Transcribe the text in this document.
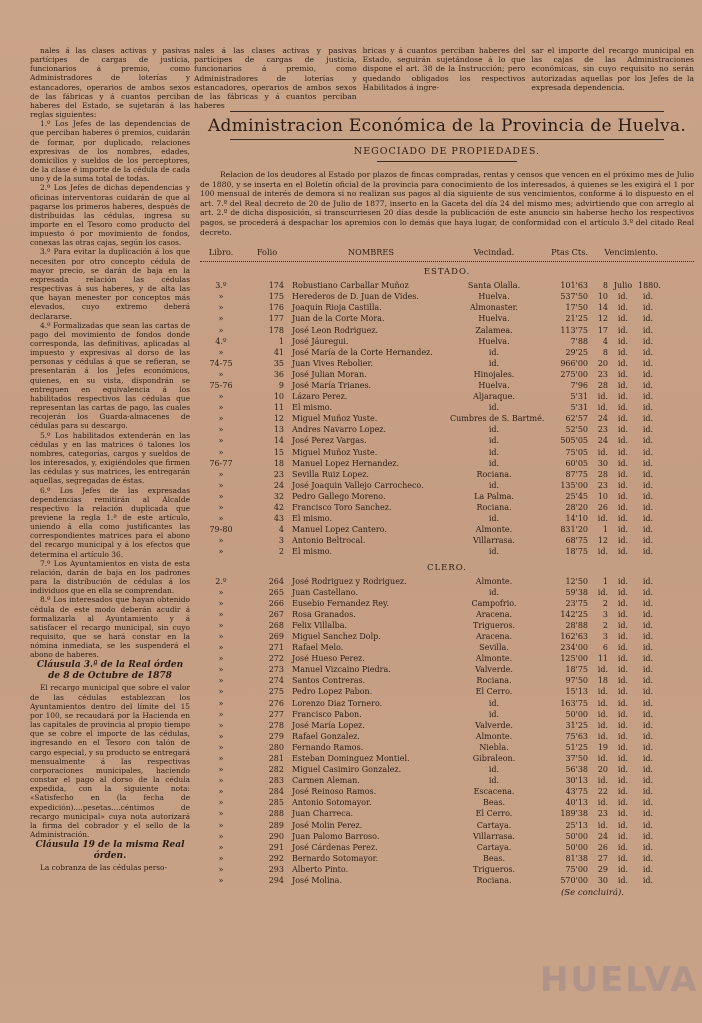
nales á las clases activas y pasivas partícipes de cargas de justicia, funcionarios á premio, como Administradores de loterías y estancadores, operarios de ambos sexos de las fábricas y á cuantos perciban haberes
bricas y á cuantos perciban haberes del Estado, seguirán sujetándose á lo que dispone el art. 38 de la Instrucción; pero quedando obligados los respectivos Habilitados á ingre-
sar el importe del recargo municipal en las cajas de las Administraciones económicas, sin cuyo requisito no serán autorizadas aquellas por los Jefes de la expresada dependencia.

nales á las clases activas y pasivas partícipes de cargas de justicia, funcionarios á premio, como Administradores de loterías y estancadores, operarios de ambos sexos de las fábricas y á cuantos perciban haberes del Estado, se sujetarán á las reglas siguientes:

1.º Los Jefes de las dependencias de que perciban haberes ó premios, cuidarán de formar, por duplicado, relaciones expresivas de los nombres, edades, domicilios y sueldos de los perceptores, de la clase é importe de la cédula de cada uno y de la suma total de todas.

2.º Los Jefes de dichas dependencias y oficinas interventoras cuidarán de que al pagarse los primeros haberes, después de distribuidas las cédulas, ingresa su importe en el Tesoro como producto del impuesto ó por movimiento de fondos, conexas las otras cajas, según los casos.

3.º Para evitar la duplicación á los que necesiten por otro concepto cédula de mayor precio, se darán de baja en la expresada relación las cédulas respectivas á sus haberes, y de alta las que hayan menester por conceptos más elevados, cuyo extremo deberá declararse.

4.º Formalizadas que sean las cartas de pago del movimiento de fondos donde corresponda, las definitivas, aplicadas al impuesto y expresivas al dorso de las personas y cédulas á que se refieran, se presentarán á los Jefes económicos, quienes, en su vista, dispondrán se entreguen en equivalencia á los habilitados respectivos las cédulas que representan las cartas de pago, las cuales recojerán los Guarda-almacenes de cédulas para su descargo.

5.º Los habilitados extenderán en las cédulas y en las matrices ó talones los nombres, categorías, cargos y sueldos de los interesados, y, exigiéndoles que firmen las cédulas y sus matrices, les entregarán aquellas, segregadas de éstas.

6.º Los Jefes de las expresadas dependencias remitirán al Alcalde respectivo la relación duplicada que previene la regla 1.ª de este artículo, uniendo á ella como justificantes las correspondientes matrices para el abono del recargo municipal y á los efectos que determina el artículo 36.

7.º Los Ayuntamientos en vista de esta relación, darán de baja en los padrones para la distribución de cédulas á los individuos que en ella se comprendan.

8.º Los interesados que hayan obtenido cédula de este modo deberán acudir á formalizarla al Ayuntamiento y á satisfacer el recargo municipal, sin cuyo requisito, que se hará constar en la nómina inmediata, se les suspenderá el abono de haberes.

Cláusula 3.ª de la Real órden de 8 de Octubre de 1878

El recargo municipal que sobre el valor de las cédulas establezcan los Ayuntamientos dentro del límite del 15 por 100, se recaudará por la Hacienda en las capitales de provincia al propio tiempo que se cobre el importe de las cédulas, ingresando en el Tesoro con talón de cargo especial, y su producto se entregará mensualmente á las respectivas corporaciones municipales, haciendo constar el pago al dorso de la cédula expedida, con la siguiente nota: «Satisfecho en (la fecha de expedición)....pesetas....céntimos de recargo municipal» cuya nota autorizará la firma del cobrador y el sello de la Administración.

Cláusula 19 de la misma Real órden.

La cobranza de las cédulas perso-

Administracion Económica de la Provincia de Huelva.
NEGOCIADO DE PROPIEDADES.
Relacion de los deudores al Estado por plazos de fincas compradas, rentas y censos que vencen en el próximo mes de Julio de 1880, y se inserta en el Boletín oficial de la provincia para conocimiento de los interesados, á quienes se les exigirá el 1 por 100 mensual de interés de demora si no realizan sus pagos al día siguiente de sus vencimientos, conforme á lo dispuesto en el art. 7.º del Real decreto de 20 de Julio de 1877, inserto en la Gaceta del día 24 del mismo mes; advirtiendo que con arreglo al art. 2.º de dicha disposición, si transcurriesen 20 días desde la publicación de este anuncio sin haberse hecho los respectivos pagos, se procederá á despachar los apremios con lo demás que haya lugar, de conformidad con el artículo 3.º del citado Real decreto.
Libro.	Folio	NOMBRES	Vecindad.	Ptas Cts.	Vencimiento.
ESTADO.
3.º	174	Robustiano Carballar Muñoz	Santa Olalla.	101'63	8 Julio 1880.
»	175	Herederos de D. Juan de Vides.	Huelva.	537'50	10	id.	id.
»	176	Joaquin Rioja Castilla.	Almonaster.	17'50	14	id.	id.
»	177	Juan de la Corte Mora.	Huelva.	21'25	12	id.	id.
»	178	José Leon Rodriguez.	Zalamea.	113'75	17	id.	id.
4.º	1	José Jáuregui.	Huelva.	7'88	4	id.	id.
»	41	José María de la Corte Hernandez.	id.	29'25	8	id.	id.
74-75	35	Juan Vives Rebolier.	id.	966'00	20	id.	id.
»	36	José Julian Moran.	Hinojales.	275'00	23	id.	id.
75-76	9	José María Trianes.	Huelva.	7'96	28	id.	id.
»	10	Lázaro Perez.	Aljaraque.	5'31	id.	id.	id.
»	11	El mismo.	id.	5'31	id.	id.	id.
»	12	Miguel Muñoz Yuste.	Cumbres de S. Bartmé.	62'57	24	id.	id.
»	13	Andres Navarro Lopez.	id.	52'50	23	id.	id.
»	14	José Perez Vargas.	id.	505'05	24	id.	id.
»	15	Miguel Muñoz Yuste.	id.	75'05	id.	id.	id.
76-77	18	Manuel Lopez Hernandez.	id.	60'05	30	id.	id.
»	23	Sevilla Ruiz Lopez.	Rociana.	87'75	28	id.	id.
»	24	José Joaquin Vallejo Carrocheco.	id.	135'00	23	id.	id.
»	32	Pedro Gallego Moreno.	La Palma.	25'45	10	id.	id.
»	42	Francisco Toro Sanchez.	Rociana.	28'20	26	id.	id.
»	43	El mismo.	id.	14'10	id.	id.	id.
79-80	4	Manuel Lopez Cantero.	Almonte.	831'20	1	id.	id.
»	3	Antonio Beltrocal.	Villarrasa.	68'75	12	id.	id.
»	2	El mismo.	id.	18'75	id.	id.	id.
CLERO.
2.º	264	José Rodriguez y Rodriguez.	Almonte.	12'50	1	id.	id.
»	265	Juan Castellano.	id.	59'38	id.	id.	id.
»	266	Eusebio Fernandez Rey.	Campofrio.	23'75	2	id.	id.
»	267	Rosa Granados.	Aracena.	142'25	3	id.	id.
»	268	Felix Villalba.	Trigueros.	28'88	2	id.	id.
»	269	Miguel Sanchez Dolp.	Aracena.	162'63	3	id.	id.
»	271	Rafael Melo.	Sevilla.	234'00	6	id.	id.
»	272	José Hueso Perez.	Almonte.	125'00	11	id.	id.
»	273	Manuel Vizcaino Piedra.	Valverde.	18'75	id.	id.	id.
»	274	Santos Contreras.	Rociana.	97'50	18	id.	id.
»	275	Pedro Lopez Pabon.	El Cerro.	15'13	id.	id.	id.
»	276	Lorenzo Diaz Tornero.	id.	163'75	id.	id.	id.
»	277	Francisco Pabon.	id.	50'00	id.	id.	id.
»	278	José María Lopez.	Valverde.	31'25	id.	id.	id.
»	279	Rafael Gonzalez.	Almonte.	75'63	id.	id.	id.
»	280	Fernando Ramos.	Niebla.	51'25	19	id.	id.
»	281	Esteban Dominguez Montiel.	Gibraleon.	37'50	id.	id.	id.
»	282	Miguel Casimiro Gonzalez.	id.	56'38	20	id.	id.
»	283	Carmen Aleman.	id.	30'13	id.	id.	id.
»	284	José Reinoso Ramos.	Escacena.	43'75	22	id.	id.
»	285	Antonio Sotomayor.	Beas.	40'13	id.	id.	id.
»	288	Juan Charreca.	El Cerro.	189'38	23	id.	id.
»	289	José Molin Perez.	Cartaya.	25'13	id.	id.	id.
»	290	Juan Palomo Barroso.	Villarrasa.	50'00	24	id.	id.
»	291	José Cárdenas Perez.	Cartaya.	50'00	26	id.	id.
»	292	Bernardo Sotomayor.	Beas.	81'38	27	id.	id.
»	293	Alberto Pinto.	Trigueros.	75'00	29	id.	id.
»	294	José Molina.	Rociana.	570'00	30	id.	id.
(Se concluirá).
HUELVA
